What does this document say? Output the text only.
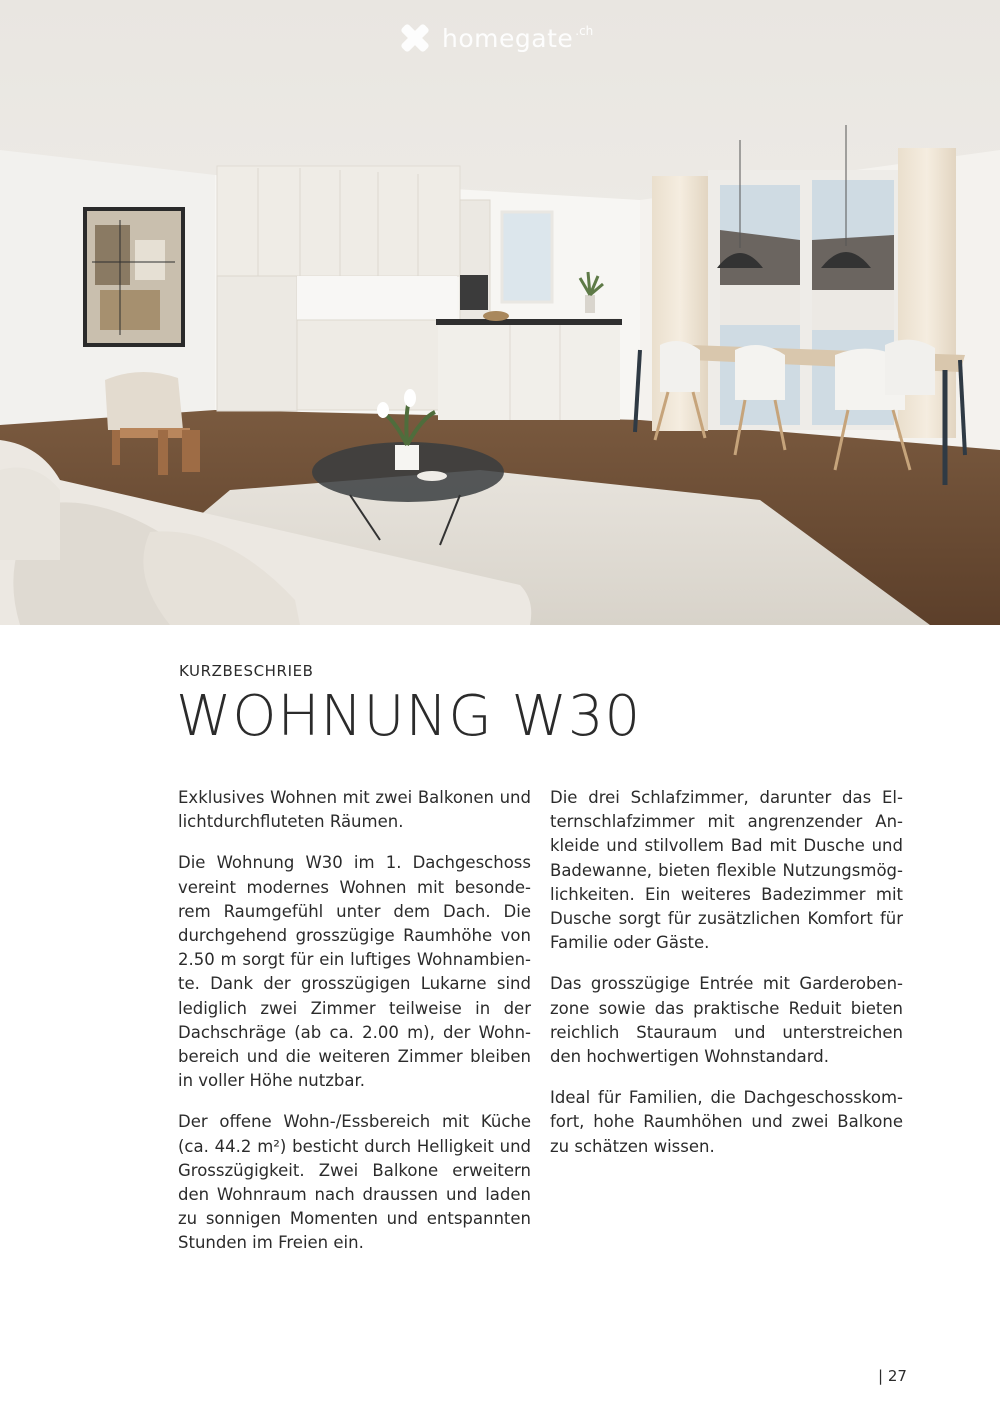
homegate .ch
KURZBESCHRIEB
WOHNUNG W30

Exklusives Wohnen mit zwei Balkonen und lichtdurchfluteten Räumen.

Die Wohnung W30 im 1. Dachgeschoss vereint modernes Wohnen mit besonderem Raumgefühl unter dem Dach. Die durchgehend grosszügige Raumhöhe von 2.50 m sorgt für ein luftiges Wohnambiente. Dank der grosszügigen Lukarne sind lediglich zwei Zimmer teilweise in der Dachschräge (ab ca. 2.00 m), der Wohnbereich und die weiteren Zimmer bleiben in voller Höhe nutzbar.

Der offene Wohn-/Essbereich mit Küche (ca. 44.2 m²) besticht durch Helligkeit und Grosszügigkeit. Zwei Balkone erweitern den Wohnraum nach draussen und laden zu sonnigen Momenten und entspannten Stunden im Freien ein.

Die drei Schlafzimmer, darunter das Elternschlafzimmer mit angrenzender Ankleide und stilvollem Bad mit Dusche und Badewanne, bieten flexible Nutzungsmöglichkeiten. Ein weiteres Badezimmer mit Dusche sorgt für zusätzlichen Komfort für Familie oder Gäste.

Das grosszügige Entrée mit Garderobenzone sowie das praktische Reduit bieten reichlich Stauraum und unterstreichen den hochwertigen Wohnstandard.

Ideal für Familien, die Dachgeschosskomfort, hohe Raumhöhen und zwei Balkone zu schätzen wissen.

| 27
